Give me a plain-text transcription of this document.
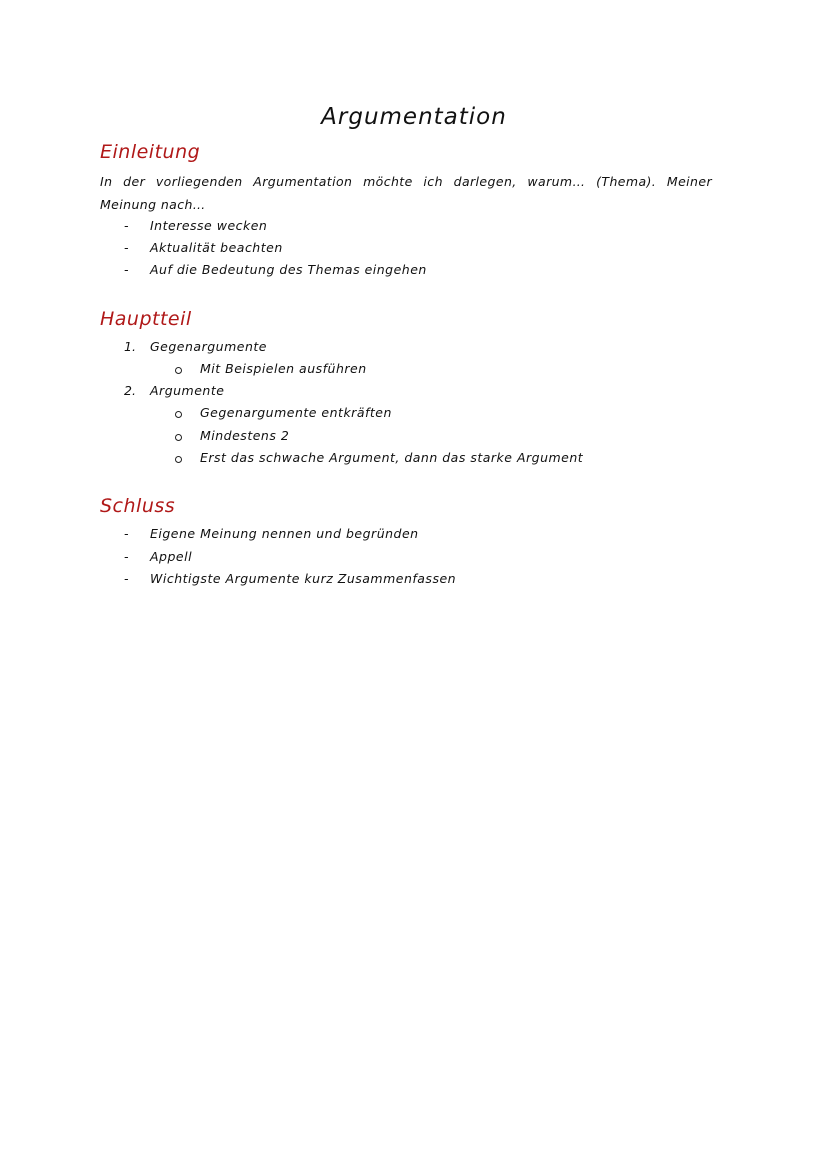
Argumentation
Einleitung
In der vorliegenden Argumentation möchte ich darlegen, warum… (Thema). Meiner Meinung nach…
- Interesse wecken
- Aktualität beachten
- Auf die Bedeutung des Themas eingehen
Hauptteil
1. Gegenargumente
Mit Beispielen ausführen
2. Argumente
Gegenargumente entkräften
Mindestens 2
Erst das schwache Argument, dann das starke Argument
Schluss
- Eigene Meinung nennen und begründen
- Appell
- Wichtigste Argumente kurz Zusammenfassen
